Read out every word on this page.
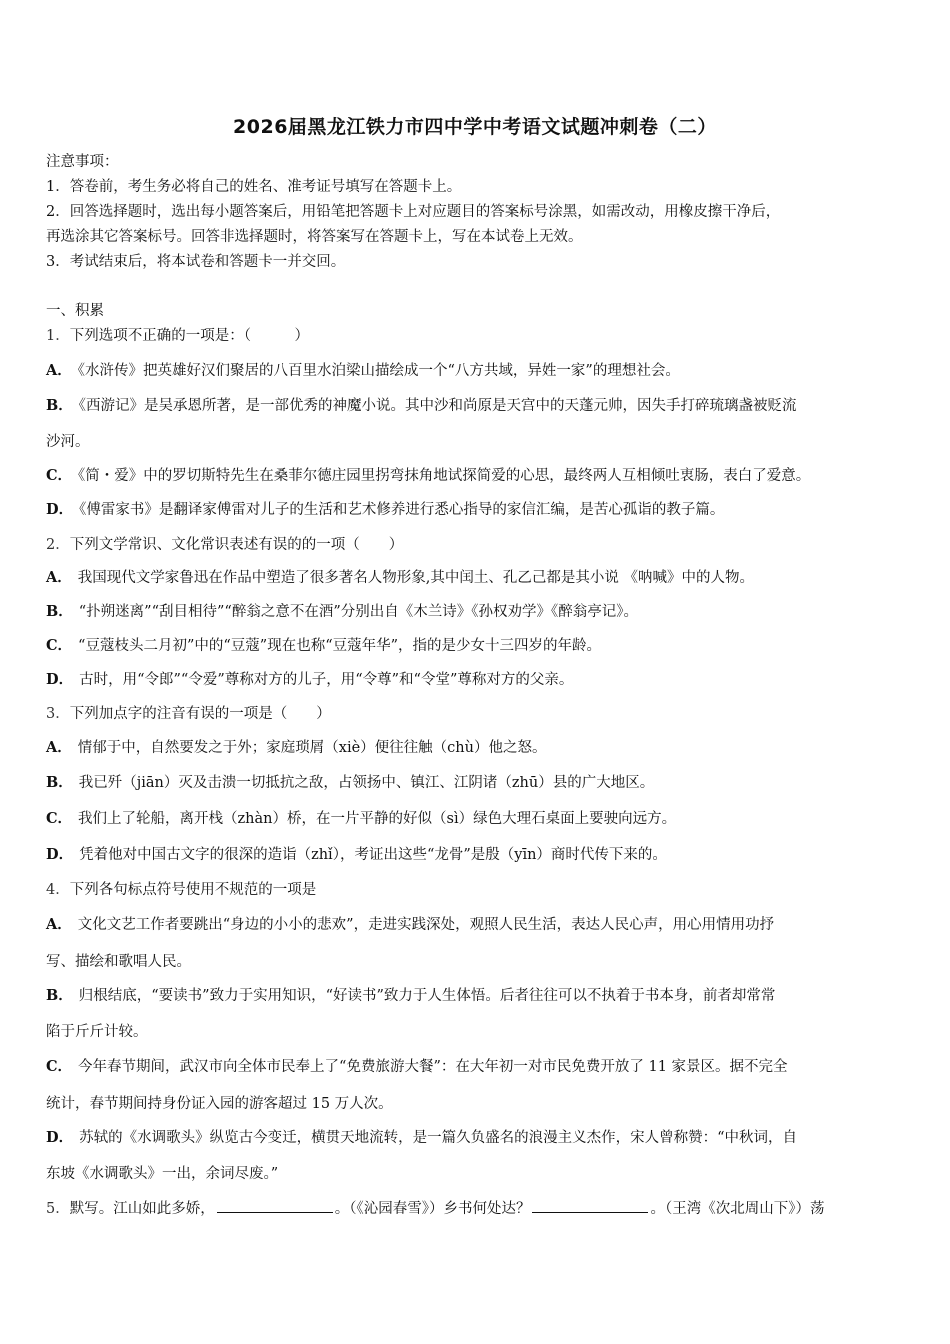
2026届黑龙江铁力市四中学中考语文试题冲刺卷（二）
注意事项：
1．答卷前，考生务必将自己的姓名、准考证号填写在答题卡上。
2．回答选择题时，选出每小题答案后，用铅笔把答题卡上对应题目的答案标号涂黑，如需改动，用橡皮擦干净后，
再选涂其它答案标号。回答非选择题时，将答案写在答题卡上，写在本试卷上无效。
3．考试结束后，将本试卷和答题卡一并交回。
一、积累
1．下列选项不正确的一项是：（　　　）
A． 《水浒传》把英雄好汉们聚居的八百里水泊梁山描绘成一个“八方共域，异姓一家”的理想社会。
B． 《西游记》是吴承恩所著，是一部优秀的神魔小说。其中沙和尚原是天宫中的天蓬元帅，因失手打碎琉璃盏被贬流
沙河。
C． 《简・爱》中的罗切斯特先生在桑菲尔德庄园里拐弯抹角地试探简爱的心思，最终两人互相倾吐衷肠，表白了爱意。
D． 《傅雷家书》是翻译家傅雷对儿子的生活和艺术修养进行悉心指导的家信汇编，是苦心孤诣的教子篇。
2．下列文学常识、文化常识表述有误的的一项（　　）
A． 我国现代文学家鲁迅在作品中塑造了很多著名人物形象,其中闰土、孔乙己都是其小说 《呐喊》中的人物。
B． “扑朔迷离”“刮目相待”“醉翁之意不在酒”分别出自《木兰诗》《孙权劝学》《醉翁亭记》。
C． “豆蔻枝头二月初”中的“豆蔻”现在也称“豆蔻年华”，指的是少女十三四岁的年龄。
D． 古时，用“令郎”“令爱”尊称对方的儿子，用“令尊”和“令堂”尊称对方的父亲。
3．下列加点字的注音有误的一项是（　　）
A． 情郁于中，自然要发之于外；家庭琐屑（xiè）便往往触（chù）他之怒。
B． 我已歼（jiān）灭及击溃一切抵抗之敌，占领扬中、镇江、江阴诸（zhū）县的广大地区。
C． 我们上了轮船，离开栈（zhàn）桥，在一片平静的好似（sì）绿色大理石桌面上要驶向远方。
D． 凭着他对中国古文字的很深的造诣（zhǐ），考证出这些“龙骨”是殷（yīn）商时代传下来的。
4．下列各句标点符号使用不规范的一项是
A． 文化文艺工作者要跳出“身边的小小的悲欢”，走进实践深处，观照人民生活，表达人民心声，用心用情用功抒
写、描绘和歌唱人民。
B． 归根结底，“要读书”致力于实用知识，“好读书”致力于人生体悟。后者往往可以不执着于书本身，前者却常常
陷于斤斤计较。
C． 今年春节期间，武汉市向全体市民奉上了“免费旅游大餐”：在大年初一对市民免费开放了 11 家景区。据不完全
统计，春节期间持身份证入园的游客超过 15 万人次。
D． 苏轼的《水调歌头》纵览古今变迁，横贯天地流转，是一篇久负盛名的浪漫主义杰作，宋人曾称赞：“中秋词，自
东坡《水调歌头》一出，余词尽废。”
5．默写。江山如此多娇，	。（《沁园春雪》）乡书何处达？	。（王湾《次北周山下》）荡
